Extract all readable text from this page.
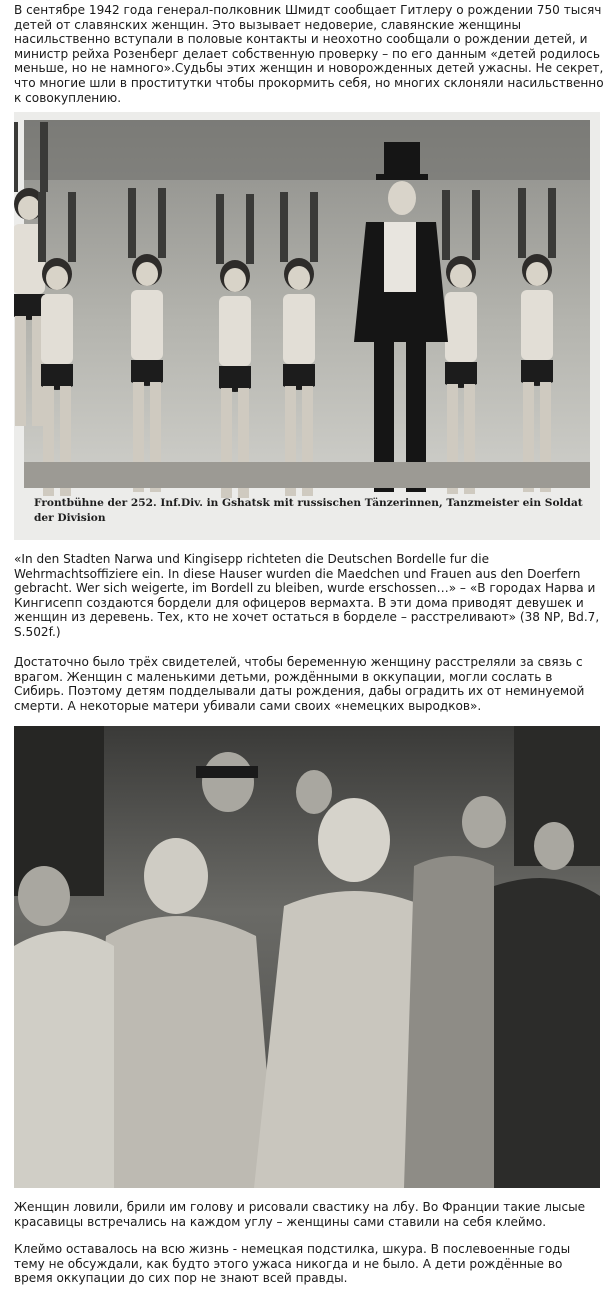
В сентябре 1942 года генерал-полковник Шмидт сообщает Гитлеру о рождении 750 тысяч детей от славянских женщин. Это вызывает недоверие, славянские женщины насильственно вступали в половые контакты и неохотно сообщали о рождении детей, и министр рейха Розенберг делает собственную проверку – по его данным «детей родилось меньше, но не намного».Судьбы этих женщин и новорожденных детей ужасны. Не секрет, что многие шли в проститутки чтобы прокормить себя, но многих склоняли насильственно к совокуплению.

Frontbühne der 252. Inf.Div. in Gshatsk mit russischen Tänzerinnen, Tanzmeister ein Soldat der Division

«In den Stadten Narwa und Kingisepp richteten die Deutschen Bordelle fur die Wehrmachtsoffiziere ein. In diese Hauser wurden die Maedchen und Frauen aus den Doerfern gebracht. Wer sich weigerte, im Bordell zu bleiben, wurde erschossen…» – «В городах Нарва и Кингисепп создаются бордели для офицеров вермахта. В эти дома приводят девушек и женщин из деревень. Тех, кто не хочет остаться в борделе – расстреливают» (38 NP, Bd.7, S.502f.)

Достаточно было трёх свидетелей, чтобы беременную женщину расстреляли за связь с врагом. Женщин с маленькими детьми, рождёнными в оккупации, могли сослать в Сибирь. Поэтому детям подделывали даты рождения, дабы оградить их от неминуемой смерти. А некоторые матери убивали сами своих «немецких выродков».

Женщин ловили, брили им голову и рисовали свастику на лбу. Во Франции такие лысые красавицы встречались на каждом углу – женщины сами ставили на себя клеймо.

Клеймо оставалось на всю жизнь - немецкая подстилка, шкура. В послевоенные годы тему не обсуждали, как будто этого ужаса никогда и не было. А дети рождённые во время оккупации до сих пор не знают всей правды.
